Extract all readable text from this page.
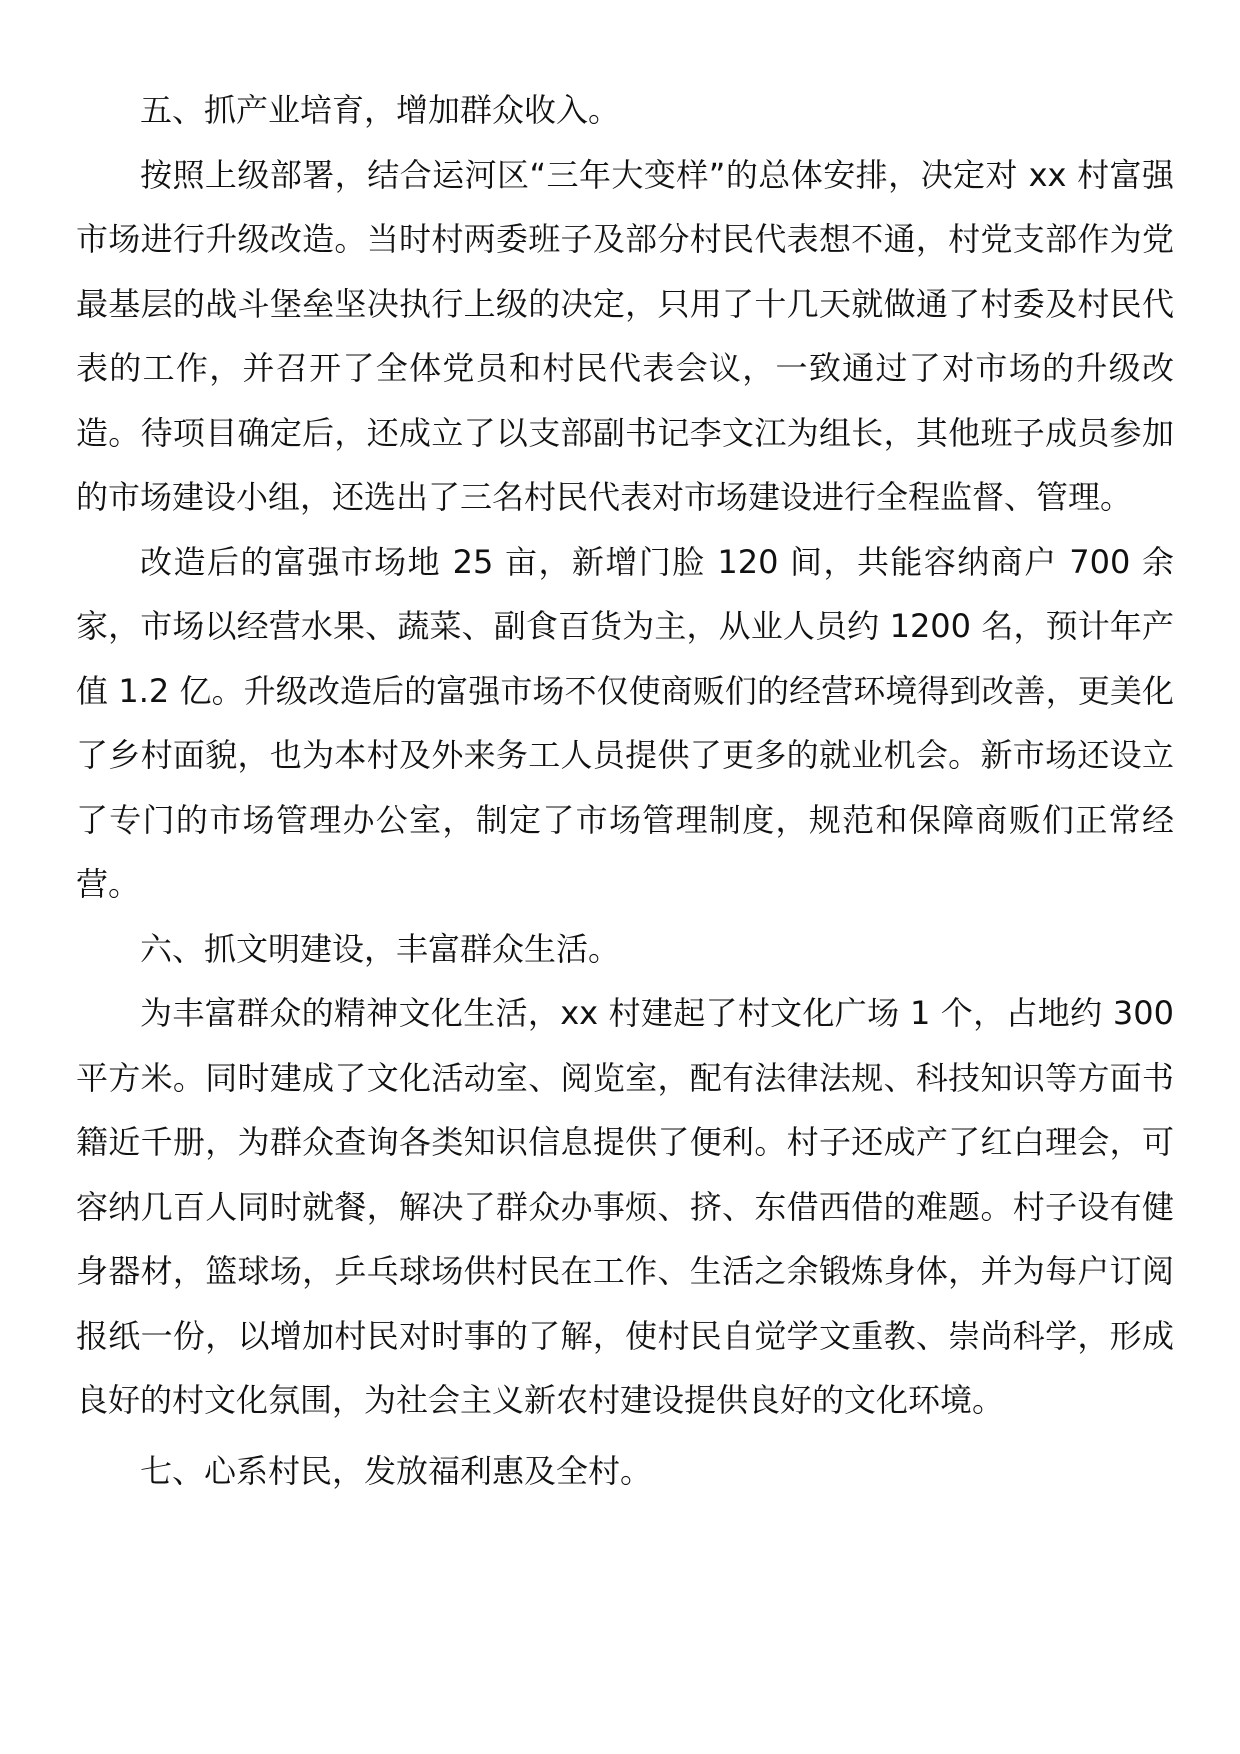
五、抓产业培育，增加群众收入。

按照上级部署，结合运河区“三年大变样”的总体安排，决定对 xx 村富强市场进行升级改造。当时村两委班子及部分村民代表想不通，村党支部作为党最基层的战斗堡垒坚决执行上级的决定，只用了十几天就做通了村委及村民代表的工作，并召开了全体党员和村民代表会议，一致通过了对市场的升级改造。待项目确定后，还成立了以支部副书记李文江为组长，其他班子成员参加的市场建设小组，还选出了三名村民代表对市场建设进行全程监督、管理。

改造后的富强市场地 25 亩，新增门脸 120 间，共能容纳商户 700 余家，市场以经营水果、蔬菜、副食百货为主，从业人员约 1200 名，预计年产值 1.2 亿。升级改造后的富强市场不仅使商贩们的经营环境得到改善，更美化了乡村面貌，也为本村及外来务工人员提供了更多的就业机会。新市场还设立了专门的市场管理办公室，制定了市场管理制度，规范和保障商贩们正常经营。

六、抓文明建设，丰富群众生活。

为丰富群众的精神文化生活，xx 村建起了村文化广场 1 个，占地约 300 平方米。同时建成了文化活动室、阅览室，配有法律法规、科技知识等方面书籍近千册，为群众查询各类知识信息提供了便利。村子还成产了红白理会，可容纳几百人同时就餐，解决了群众办事烦、挤、东借西借的难题。村子设有健身器材，篮球场，乒乓球场供村民在工作、生活之余锻炼身体，并为每户订阅报纸一份，以增加村民对时事的了解，使村民自觉学文重教、崇尚科学，形成良好的村文化氛围，为社会主义新农村建设提供良好的文化环境。

七、心系村民，发放福利惠及全村。
